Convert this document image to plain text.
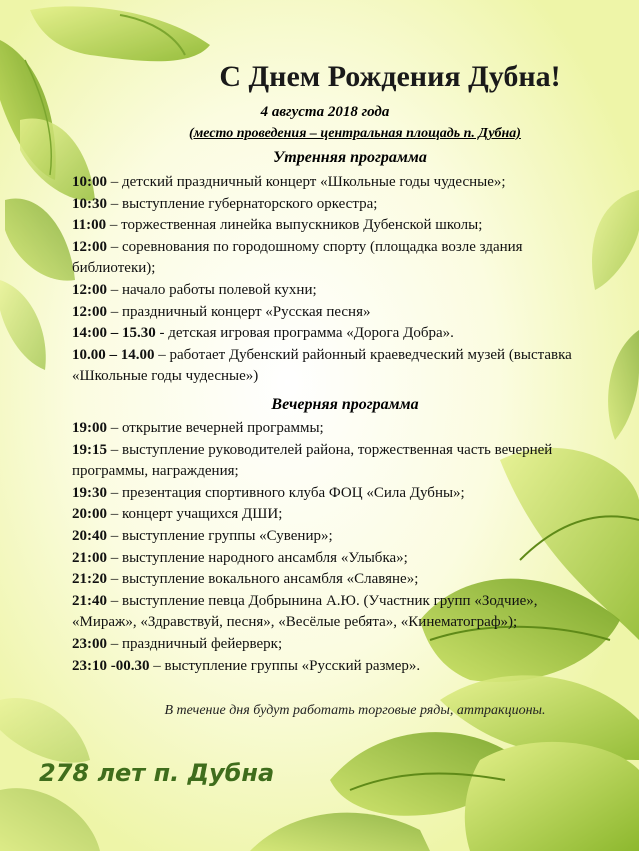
С Днем Рождения Дубна!
4 августа 2018 года
(место проведения – центральная площадь п. Дубна)
Утренняя программа

10:00 – детский праздничный концерт «Школьные годы чудесные»;

10:30 – выступление губернаторского оркестра;

11:00 – торжественная линейка выпускников Дубенской школы;

12:00 – соревнования по городошному спорту (площадка возле здания библиотеки);

12:00 – начало работы полевой кухни;

12:00 – праздничный концерт «Русская песня»

14:00 – 15.30 - детская игровая программа «Дорога Добра».

10.00 – 14.00 – работает Дубенский районный краеведческий музей (выставка «Школьные годы чудесные»)

Вечерняя программа

19:00 – открытие вечерней программы;

19:15 – выступление руководителей района, торжественная часть вечерней программы, награждения;

19:30 – презентация спортивного клуба ФОЦ «Сила Дубны»;

20:00 – концерт учащихся ДШИ;

20:40 – выступление группы «Сувенир»;

21:00 – выступление народного ансамбля «Улыбка»;

21:20 – выступление вокального ансамбля «Славяне»;

21:40 – выступление певца Добрынина А.Ю. (Участник групп «Зодчие», «Мираж», «Здравствуй, песня», «Весёлые ребята», «Кинематограф»);

23:00 – праздничный фейерверк;

23:10 -00.30 – выступление группы «Русский размер».

В течение дня будут работать торговые ряды, аттракционы.
278 лет п. Дубна
